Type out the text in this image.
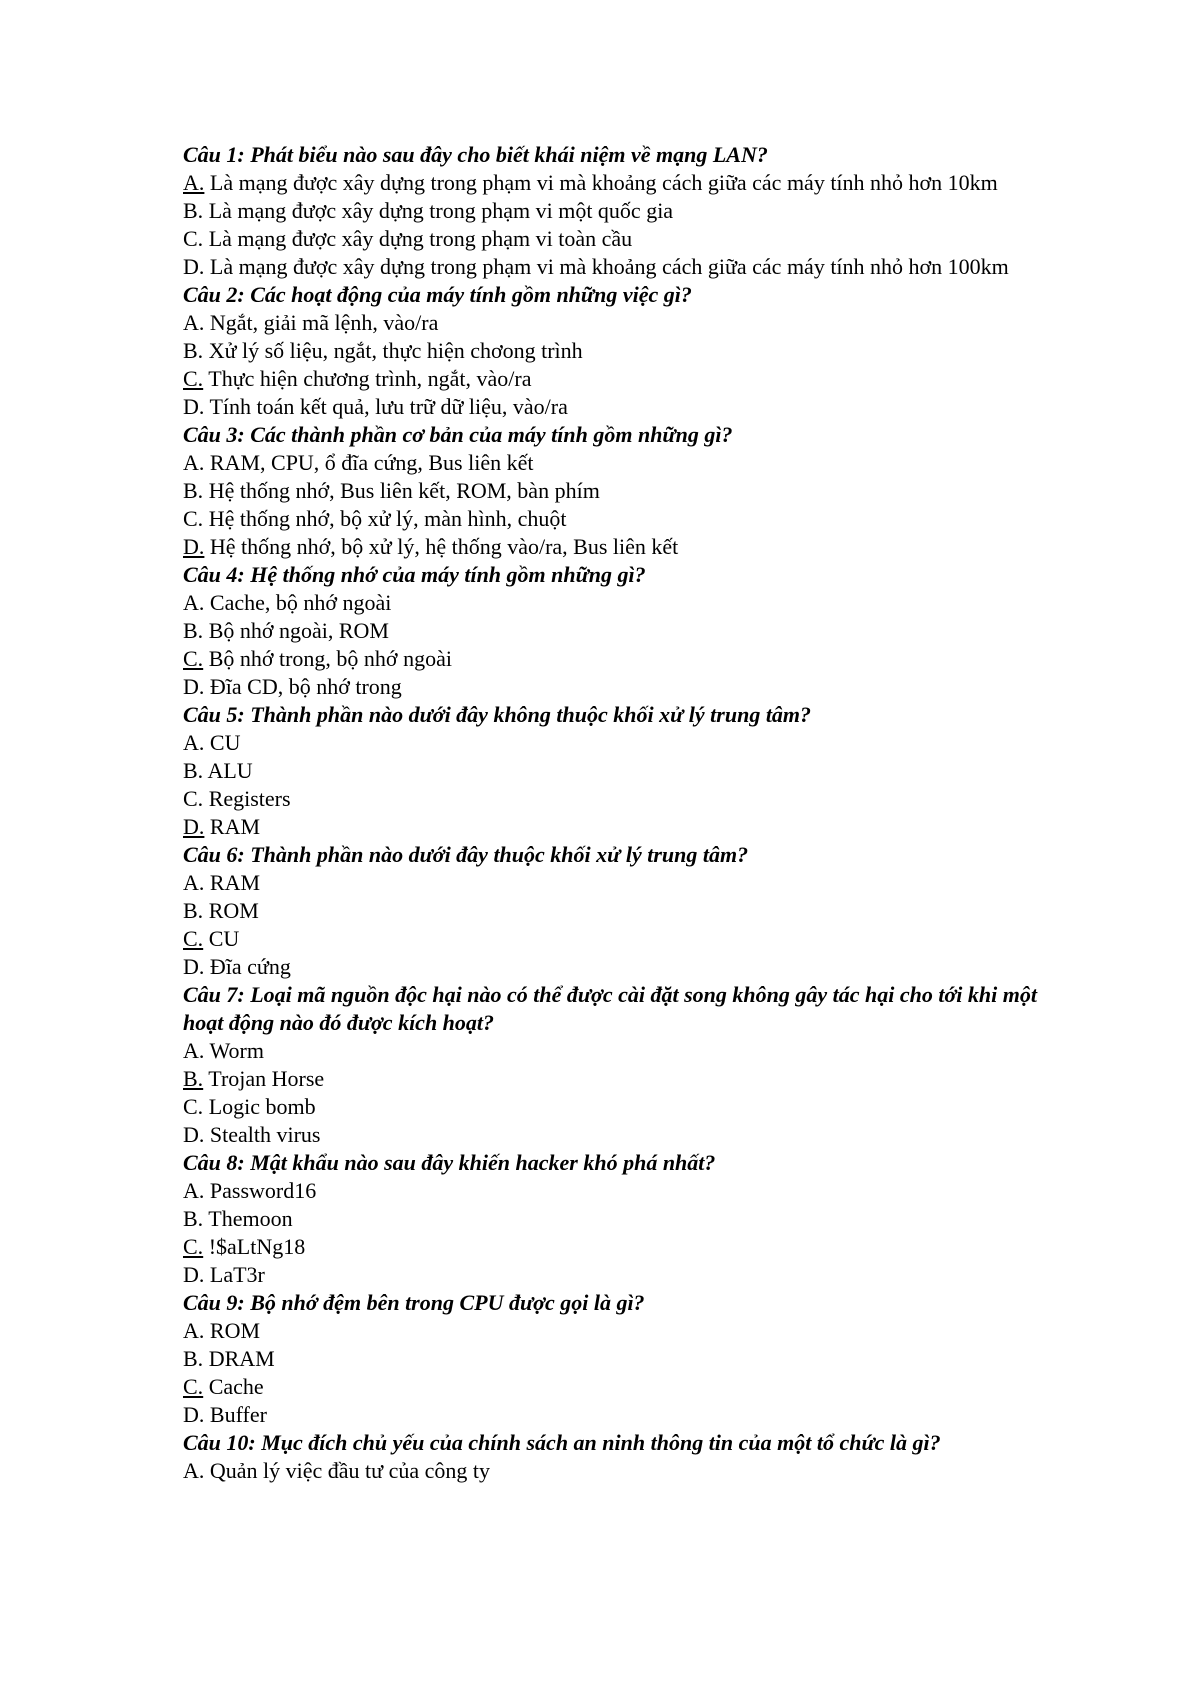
Câu 1: Phát biểu nào sau đây cho biết khái niệm về mạng LAN?

A. Là mạng được xây dựng trong phạm vi mà khoảng cách giữa các máy tính nhỏ hơn 10km

B. Là mạng được xây dựng trong phạm vi một quốc gia

C. Là mạng được xây dựng trong phạm vi toàn cầu

D. Là mạng được xây dựng trong phạm vi mà khoảng cách giữa các máy tính nhỏ hơn 100km

Câu 2: Các hoạt động của máy tính gồm những việc gì?

A. Ngắt, giải mã lệnh, vào/ra

B. Xử lý số liệu, ngắt, thực hiện chơong trình

C. Thực hiện chương trình, ngắt, vào/ra

D. Tính toán kết quả, lưu trữ dữ liệu, vào/ra

Câu 3: Các thành phần cơ bản của máy tính gồm những gì?

A. RAM, CPU, ổ đĩa cứng, Bus liên kết

B. Hệ thống nhớ, Bus liên kết, ROM, bàn phím

C. Hệ thống nhớ, bộ xử lý, màn hình, chuột

D. Hệ thống nhớ, bộ xử lý, hệ thống vào/ra, Bus liên kết

Câu 4: Hệ thống nhớ của máy tính gồm những gì?

A. Cache, bộ nhớ ngoài

B. Bộ nhớ ngoài, ROM

C. Bộ nhớ trong, bộ nhớ ngoài

D. Đĩa CD, bộ nhớ trong

Câu 5: Thành phần nào dưới đây không thuộc khối xử lý trung tâm?

A. CU

B. ALU

C. Registers

D. RAM

Câu 6: Thành phần nào dưới đây thuộc khối xử lý trung tâm?

A. RAM

B. ROM

C. CU

D. Đĩa cứng

Câu 7: Loại mã nguồn độc hại nào có thể được cài đặt song không gây tác hại cho tới khi một hoạt động nào đó được kích hoạt?

A. Worm

B. Trojan Horse

C. Logic bomb

D. Stealth virus

Câu 8: Mật khẩu nào sau đây khiến hacker khó phá nhất?

A. Password16

B. Themoon

C. !$aLtNg18

D. LaT3r

Câu 9: Bộ nhớ đệm bên trong CPU được gọi là gì?

A. ROM

B. DRAM

C. Cache

D. Buffer

Câu 10: Mục đích chủ yếu của chính sách an ninh thông tin của một tổ chức là gì?

A. Quản lý việc đầu tư của công ty
